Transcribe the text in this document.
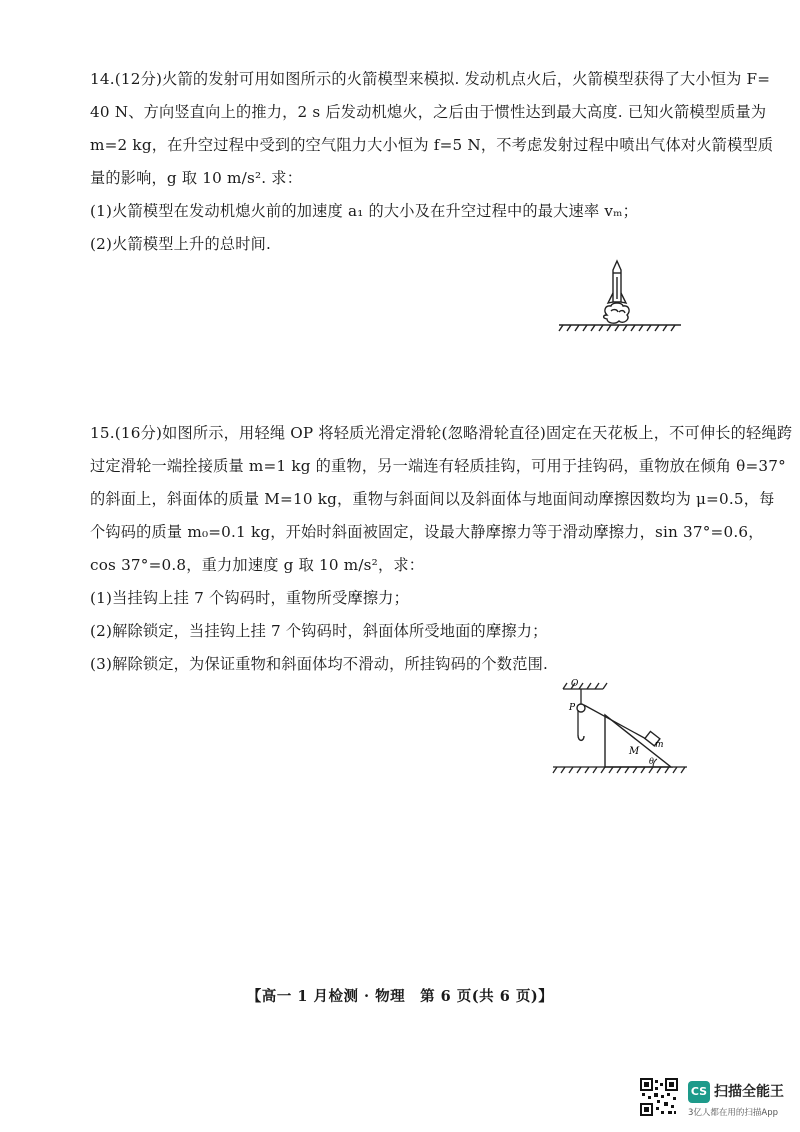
14.(12分)火箭的发射可用如图所示的火箭模型来模拟. 发动机点火后，火箭模型获得了大小恒为 F=
40 N、方向竖直向上的推力，2 s 后发动机熄火，之后由于惯性达到最大高度. 已知火箭模型质量为
m=2 kg，在升空过程中受到的空气阻力大小恒为 f=5 N，不考虑发射过程中喷出气体对火箭模型质
量的影响，g 取 10 m/s². 求：
(1)火箭模型在发动机熄火前的加速度 a₁ 的大小及在升空过程中的最大速率 vₘ；
(2)火箭模型上升的总时间.
15.(16分)如图所示，用轻绳 OP 将轻质光滑定滑轮(忽略滑轮直径)固定在天花板上，不可伸长的轻绳跨
过定滑轮一端拴接质量 m=1 kg 的重物，另一端连有轻质挂钩，可用于挂钩码，重物放在倾角 θ=37°
的斜面上，斜面体的质量 M=10 kg，重物与斜面间以及斜面体与地面间动摩擦因数均为 μ=0.5，每
个钩码的质量 m₀=0.1 kg，开始时斜面被固定，设最大静摩擦力等于滑动摩擦力，sin 37°=0.6，
cos 37°=0.8，重力加速度 g 取 10 m/s²，求：
(1)当挂钩上挂 7 个钩码时，重物所受摩擦力；
(2)解除锁定，当挂钩上挂 7 个钩码时，斜面体所受地面的摩擦力；
(3)解除锁定，为保证重物和斜面体均不滑动，所挂钩码的个数范围.
O
P
m
M
θ
【高一 1 月检测 · 物理　第 6 页(共 6 页)】
CS 扫描全能王
3亿人都在用的扫描App
